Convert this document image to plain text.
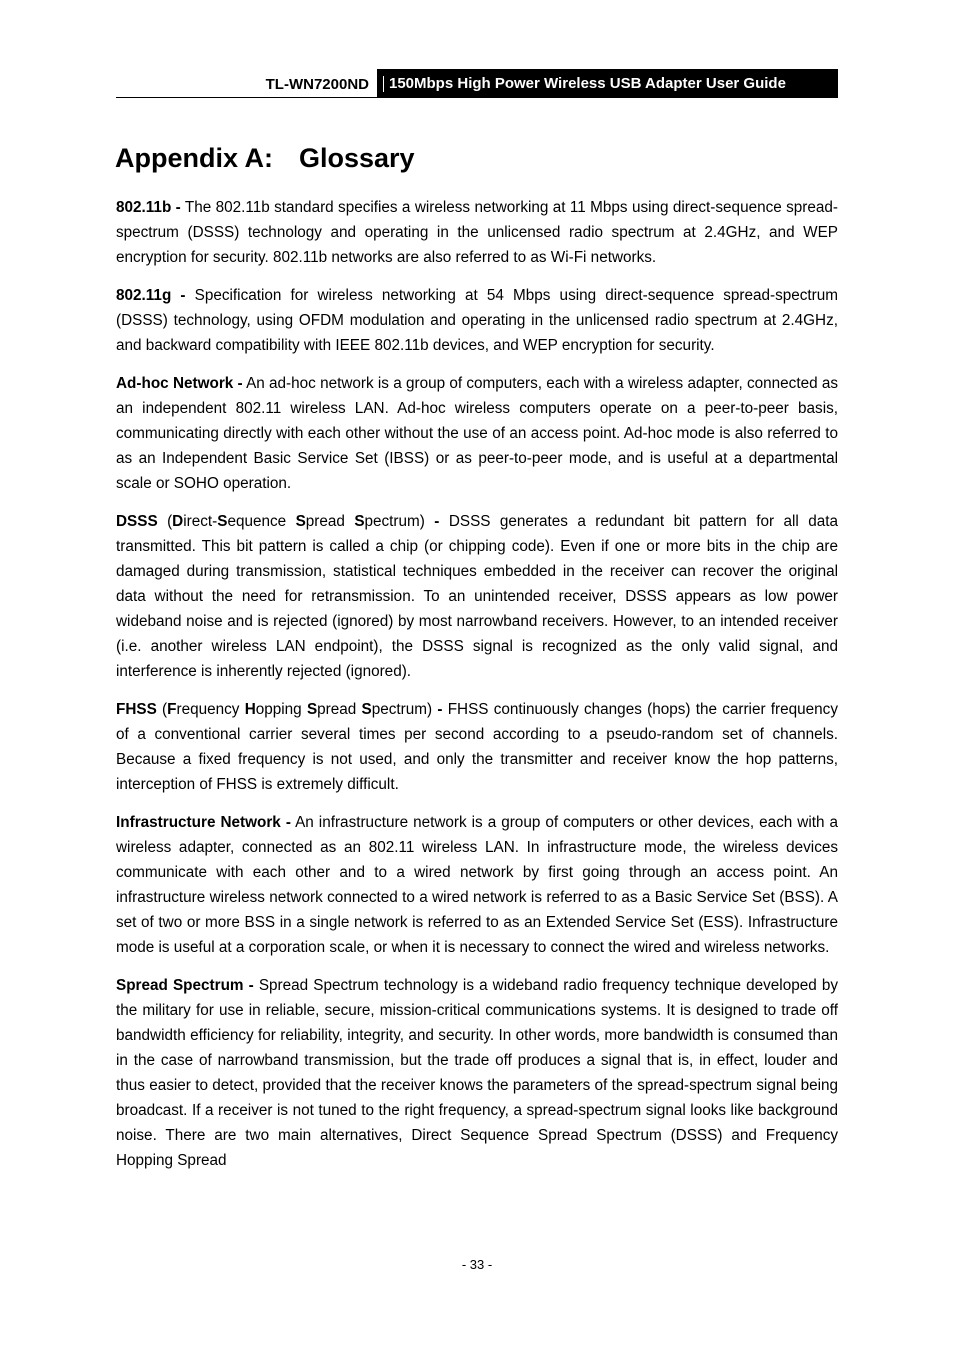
TL-WN7200ND	150Mbps High Power Wireless USB Adapter User Guide
Appendix A: Glossary

802.11b - The 802.11b standard specifies a wireless networking at 11 Mbps using direct-sequence spread-spectrum (DSSS) technology and operating in the unlicensed radio spectrum at 2.4GHz, and WEP encryption for security. 802.11b networks are also referred to as Wi-Fi networks.

802.11g - Specification for wireless networking at 54 Mbps using direct-sequence spread-spectrum (DSSS) technology, using OFDM modulation and operating in the unlicensed radio spectrum at 2.4GHz, and backward compatibility with IEEE 802.11b devices, and WEP encryption for security.

Ad-hoc Network - An ad-hoc network is a group of computers, each with a wireless adapter, connected as an independent 802.11 wireless LAN. Ad-hoc wireless computers operate on a peer-to-peer basis, communicating directly with each other without the use of an access point. Ad-hoc mode is also referred to as an Independent Basic Service Set (IBSS) or as peer-to-peer mode, and is useful at a departmental scale or SOHO operation.

DSSS (Direct-Sequence Spread Spectrum) - DSSS generates a redundant bit pattern for all data transmitted. This bit pattern is called a chip (or chipping code). Even if one or more bits in the chip are damaged during transmission, statistical techniques embedded in the receiver can recover the original data without the need for retransmission. To an unintended receiver, DSSS appears as low power wideband noise and is rejected (ignored) by most narrowband receivers. However, to an intended receiver (i.e. another wireless LAN endpoint), the DSSS signal is recognized as the only valid signal, and interference is inherently rejected (ignored).

FHSS (Frequency Hopping Spread Spectrum) - FHSS continuously changes (hops) the carrier frequency of a conventional carrier several times per second according to a pseudo-random set of channels. Because a fixed frequency is not used, and only the transmitter and receiver know the hop patterns, interception of FHSS is extremely difficult.

Infrastructure Network - An infrastructure network is a group of computers or other devices, each with a wireless adapter, connected as an 802.11 wireless LAN. In infrastructure mode, the wireless devices communicate with each other and to a wired network by first going through an access point. An infrastructure wireless network connected to a wired network is referred to as a Basic Service Set (BSS). A set of two or more BSS in a single network is referred to as an Extended Service Set (ESS). Infrastructure mode is useful at a corporation scale, or when it is necessary to connect the wired and wireless networks.

Spread Spectrum - Spread Spectrum technology is a wideband radio frequency technique developed by the military for use in reliable, secure, mission-critical communications systems. It is designed to trade off bandwidth efficiency for reliability, integrity, and security. In other words, more bandwidth is consumed than in the case of narrowband transmission, but the trade off produces a signal that is, in effect, louder and thus easier to detect, provided that the receiver knows the parameters of the spread-spectrum signal being broadcast. If a receiver is not tuned to the right frequency, a spread-spectrum signal looks like background noise. There are two main alternatives, Direct Sequence Spread Spectrum (DSSS) and Frequency Hopping Spread

- 33 -
